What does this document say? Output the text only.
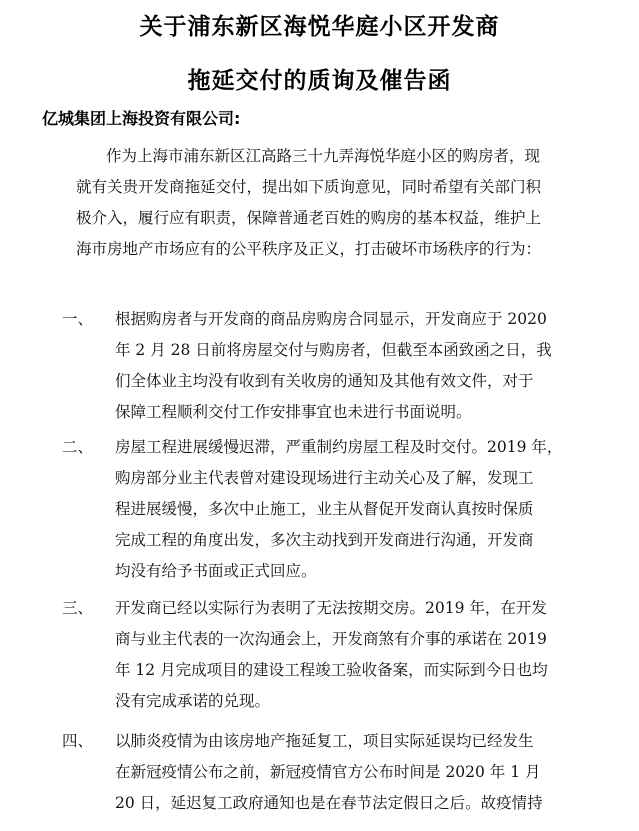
关于浦东新区海悦华庭小区开发商
拖延交付的质询及催告函
亿城集团上海投资有限公司:
作为上海市浦东新区江高路三十九弄海悦华庭小区的购房者，现
就有关贵开发商拖延交付，提出如下质询意见，同时希望有关部门积
极介入，履行应有职责，保障普通老百姓的购房的基本权益，维护上
海市房地产市场应有的公平秩序及正义，打击破坏市场秩序的行为：
一、 根据购房者与开发商的商品房购房合同显示，开发商应于 2020
年 2 月 28 日前将房屋交付与购房者，但截至本函致函之日，我
们全体业主均没有收到有关收房的通知及其他有效文件，对于
保障工程顺利交付工作安排事宜也未进行书面说明。
二、 房屋工程进展缓慢迟滞，严重制约房屋工程及时交付。2019 年，
购房部分业主代表曾对建设现场进行主动关心及了解，发现工
程进展缓慢，多次中止施工，业主从督促开发商认真按时保质
完成工程的角度出发，多次主动找到开发商进行沟通，开发商
均没有给予书面或正式回应。
三、 开发商已经以实际行为表明了无法按期交房。2019 年，在开发
商与业主代表的一次沟通会上，开发商煞有介事的承诺在 2019
年 12 月完成项目的建设工程竣工验收备案，而实际到今日也均
没有完成承诺的兑现。
四、 以肺炎疫情为由该房地产拖延复工，项目实际延误均已经发生
在新冠疫情公布之前，新冠疫情官方公布时间是 2020 年 1 月
20 日，延迟复工政府通知也是在春节法定假日之后。故疫情持
